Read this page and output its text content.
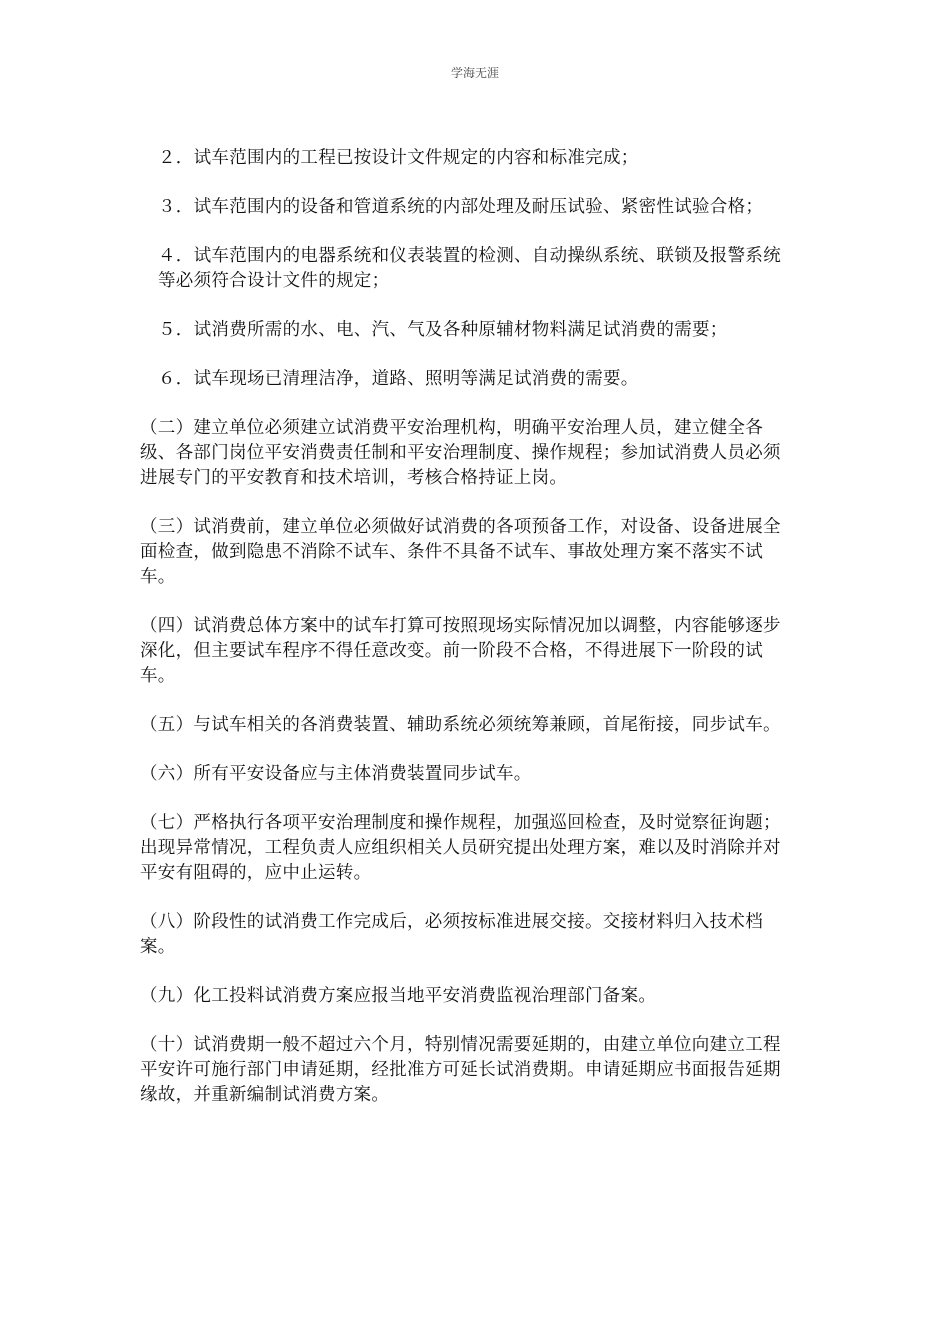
学海无涯

２．试车范围内的工程已按设计文件规定的内容和标准完成；

３．试车范围内的设备和管道系统的内部处理及耐压试验、紧密性试验合格；

４．试车范围内的电器系统和仪表装置的检测、自动操纵系统、联锁及报警系统等必须符合设计文件的规定；

５．试消费所需的水、电、汽、气及各种原辅材物料满足试消费的需要；

６．试车现场已清理洁净，道路、照明等满足试消费的需要。

（二）建立单位必须建立试消费平安治理机构，明确平安治理人员，建立健全各级、各部门岗位平安消费责任制和平安治理制度、操作规程；参加试消费人员必须进展专门的平安教育和技术培训，考核合格持证上岗。

（三）试消费前，建立单位必须做好试消费的各项预备工作，对设备、设备进展全面检查，做到隐患不消除不试车、条件不具备不试车、事故处理方案不落实不试车。

（四）试消费总体方案中的试车打算可按照现场实际情况加以调整，内容能够逐步深化，但主要试车程序不得任意改变。前一阶段不合格，不得进展下一阶段的试车。

（五）与试车相关的各消费装置、辅助系统必须统筹兼顾，首尾衔接，同步试车。

（六）所有平安设备应与主体消费装置同步试车。

（七）严格执行各项平安治理制度和操作规程，加强巡回检查，及时觉察征询题；出现异常情况，工程负责人应组织相关人员研究提出处理方案，难以及时消除并对平安有阻碍的，应中止运转。

（八）阶段性的试消费工作完成后，必须按标准进展交接。交接材料归入技术档案。

（九）化工投料试消费方案应报当地平安消费监视治理部门备案。

（十）试消费期一般不超过六个月，特别情况需要延期的，由建立单位向建立工程平安许可施行部门申请延期，经批准方可延长试消费期。申请延期应书面报告延期缘故，并重新编制试消费方案。
